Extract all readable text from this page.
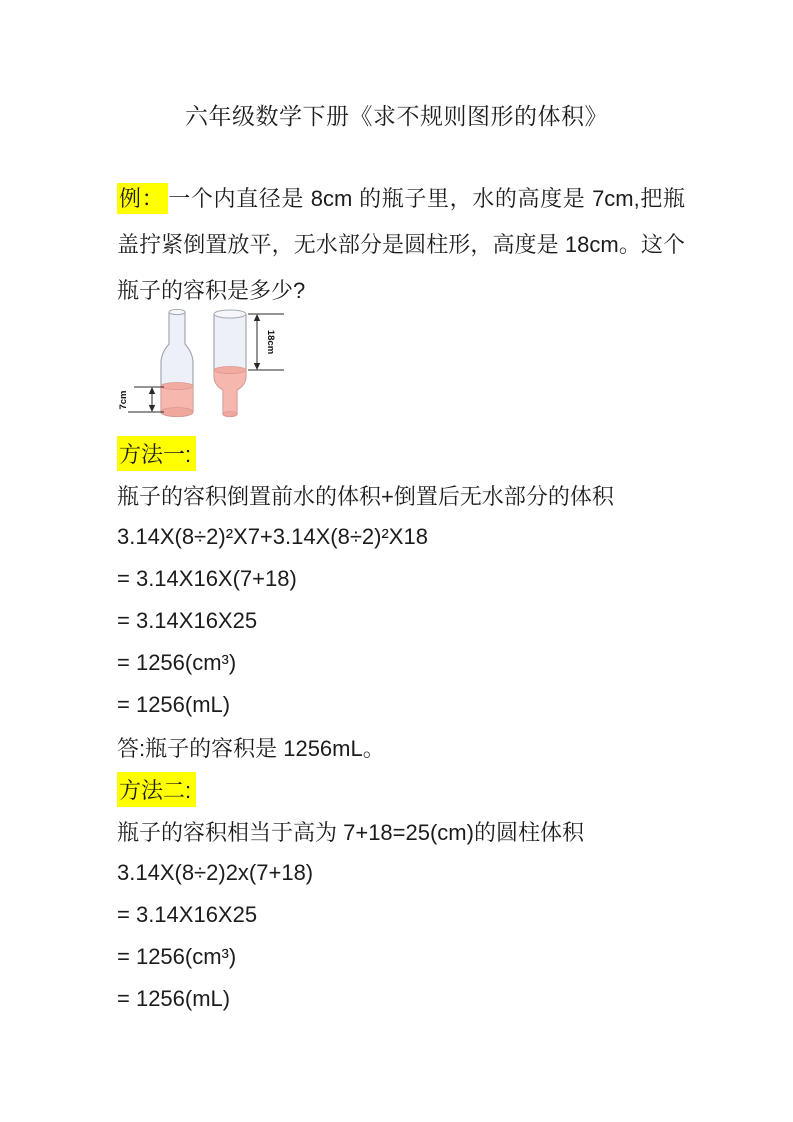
六年级数学下册《求不规则图形的体积》
例： 一个内直径是 8cm 的瓶子里，水的高度是 7cm,把瓶盖拧紧倒置放平，无水部分是圆柱形，高度是 18cm。这个瓶子的容积是多少?
7cm
18cm
方法一:
瓶子的容积倒置前水的体积+倒置后无水部分的体积
3.14X(8÷2)²X7+3.14X(8÷2)²X18
= 3.14X16X(7+18)
= 3.14X16X25
= 1256(cm³)
= 1256(mL)
答:瓶子的容积是 1256mL。
方法二:
瓶子的容积相当于高为 7+18=25(cm)的圆柱体积
3.14X(8÷2)2x(7+18)
= 3.14X16X25
= 1256(cm³)
= 1256(mL)
